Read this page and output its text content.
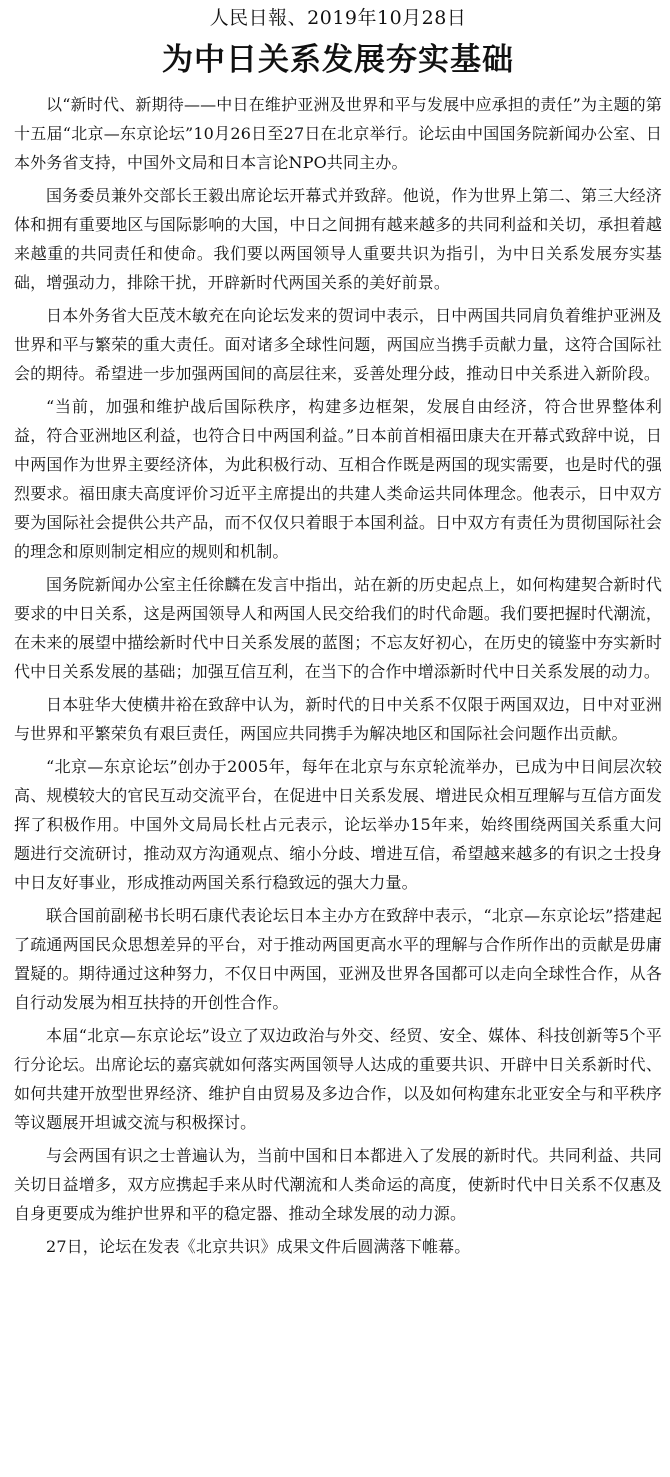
人民日報、2019年10月28日
为中日关系发展夯实基础

以“新时代、新期待——中日在维护亚洲及世界和平与发展中应承担的责任”为主题的第十五届“北京—东京论坛”10月26日至27日在北京举行。论坛由中国国务院新闻办公室、日本外务省支持，中国外文局和日本言论NPO共同主办。

国务委员兼外交部长王毅出席论坛开幕式并致辞。他说，作为世界上第二、第三大经济体和拥有重要地区与国际影响的大国，中日之间拥有越来越多的共同利益和关切，承担着越来越重的共同责任和使命。我们要以两国领导人重要共识为指引，为中日关系发展夯实基础，增强动力，排除干扰，开辟新时代两国关系的美好前景。

日本外务省大臣茂木敏充在向论坛发来的贺词中表示，日中两国共同肩负着维护亚洲及世界和平与繁荣的重大责任。面对诸多全球性问题，两国应当携手贡献力量，这符合国际社会的期待。希望进一步加强两国间的高层往来，妥善处理分歧，推动日中关系进入新阶段。

“当前，加强和维护战后国际秩序，构建多边框架，发展自由经济，符合世界整体利益，符合亚洲地区利益，也符合日中两国利益。”日本前首相福田康夫在开幕式致辞中说，日中两国作为世界主要经济体，为此积极行动、互相合作既是两国的现实需要，也是时代的强烈要求。福田康夫高度评价习近平主席提出的共建人类命运共同体理念。他表示，日中双方要为国际社会提供公共产品，而不仅仅只着眼于本国利益。日中双方有责任为贯彻国际社会的理念和原则制定相应的规则和机制。

国务院新闻办公室主任徐麟在发言中指出，站在新的历史起点上，如何构建契合新时代要求的中日关系，这是两国领导人和两国人民交给我们的时代命题。我们要把握时代潮流，在未来的展望中描绘新时代中日关系发展的蓝图；不忘友好初心，在历史的镜鉴中夯实新时代中日关系发展的基础；加强互信互利，在当下的合作中增添新时代中日关系发展的动力。

日本驻华大使横井裕在致辞中认为，新时代的日中关系不仅限于两国双边，日中对亚洲与世界和平繁荣负有艰巨责任，两国应共同携手为解决地区和国际社会问题作出贡献。

“北京—东京论坛”创办于2005年，每年在北京与东京轮流举办，已成为中日间层次较高、规模较大的官民互动交流平台，在促进中日关系发展、增进民众相互理解与互信方面发挥了积极作用。中国外文局局长杜占元表示，论坛举办15年来，始终围绕两国关系重大问题进行交流研讨，推动双方沟通观点、缩小分歧、增进互信，希望越来越多的有识之士投身中日友好事业，形成推动两国关系行稳致远的强大力量。

联合国前副秘书长明石康代表论坛日本主办方在致辞中表示，“北京—东京论坛”搭建起了疏通两国民众思想差异的平台，对于推动两国更高水平的理解与合作所作出的贡献是毋庸置疑的。期待通过这种努力，不仅日中两国，亚洲及世界各国都可以走向全球性合作，从各自行动发展为相互扶持的开创性合作。

本届“北京—东京论坛”设立了双边政治与外交、经贸、安全、媒体、科技创新等5个平行分论坛。出席论坛的嘉宾就如何落实两国领导人达成的重要共识、开辟中日关系新时代、如何共建开放型世界经济、维护自由贸易及多边合作，以及如何构建东北亚安全与和平秩序等议题展开坦诚交流与积极探讨。

与会两国有识之士普遍认为，当前中国和日本都进入了发展的新时代。共同利益、共同关切日益增多，双方应携起手来从时代潮流和人类命运的高度，使新时代中日关系不仅惠及自身更要成为维护世界和平的稳定器、推动全球发展的动力源。

27日，论坛在发表《北京共识》成果文件后圆满落下帷幕。
